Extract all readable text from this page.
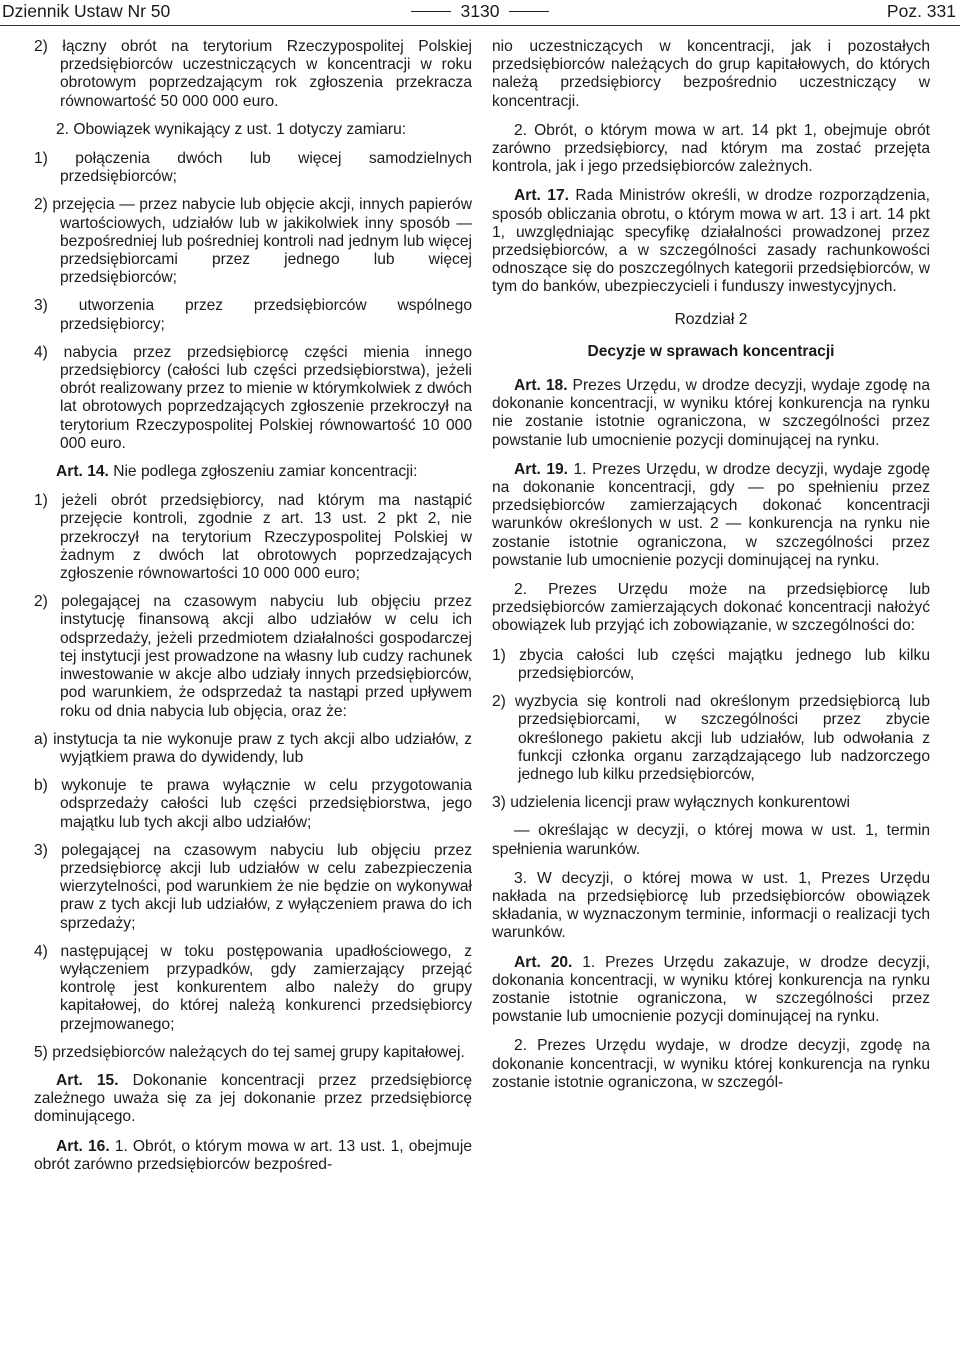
Dziennik Ustaw Nr 50	3130	Poz. 331

2) łączny obrót na terytorium Rzeczypospolitej Polskiej przedsiębiorców uczestniczących w koncentracji w roku obrotowym poprzedzającym rok zgłoszenia przekracza równowartość 50 000 000 euro.

2. Obowiązek wynikający z ust. 1 dotyczy zamiaru:

1) połączenia dwóch lub więcej samodzielnych przedsiębiorców;

2) przejęcia — przez nabycie lub objęcie akcji, innych papierów wartościowych, udziałów lub w jakikolwiek inny sposób — bezpośredniej lub pośredniej kontroli nad jednym lub więcej przedsiębiorcami przez jednego lub więcej przedsiębiorców;

3) utworzenia przez przedsiębiorców wspólnego przedsiębiorcy;

4) nabycia przez przedsiębiorcę części mienia innego przedsiębiorcy (całości lub części przedsiębiorstwa), jeżeli obrót realizowany przez to mienie w którymkolwiek z dwóch lat obrotowych poprzedzających zgłoszenie przekroczył na terytorium Rzeczypospolitej Polskiej równowartość 10 000 000 euro.

Art. 14. Nie podlega zgłoszeniu zamiar koncentracji:

1) jeżeli obrót przedsiębiorcy, nad którym ma nastąpić przejęcie kontroli, zgodnie z art. 13 ust. 2 pkt 2, nie przekroczył na terytorium Rzeczypospolitej Polskiej w żadnym z dwóch lat obrotowych poprzedzających zgłoszenie równowartości 10 000 000 euro;

2) polegającej na czasowym nabyciu lub objęciu przez instytucję finansową akcji albo udziałów w celu ich odsprzedaży, jeżeli przedmiotem działalności gospodarczej tej instytucji jest prowadzone na własny lub cudzy rachunek inwestowanie w akcje albo udziały innych przedsiębiorców, pod warunkiem, że odsprzedaż ta nastąpi przed upływem roku od dnia nabycia lub objęcia, oraz że:

a) instytucja ta nie wykonuje praw z tych akcji albo udziałów, z wyjątkiem prawa do dywidendy, lub

b) wykonuje te prawa wyłącznie w celu przygotowania odsprzedaży całości lub części przedsiębiorstwa, jego majątku lub tych akcji albo udziałów;

3) polegającej na czasowym nabyciu lub objęciu przez przedsiębiorcę akcji lub udziałów w celu zabezpieczenia wierzytelności, pod warunkiem że nie będzie on wykonywał praw z tych akcji lub udziałów, z wyłączeniem prawa do ich sprzedaży;

4) następującej w toku postępowania upadłościowego, z wyłączeniem przypadków, gdy zamierzający przejąć kontrolę jest konkurentem albo należy do grupy kapitałowej, do której należą konkurenci przedsiębiorcy przejmowanego;

5) przedsiębiorców należących do tej samej grupy kapitałowej.

Art. 15. Dokonanie koncentracji przez przedsiębiorcę zależnego uważa się za jej dokonanie przez przedsiębiorcę dominującego.

Art. 16. 1. Obrót, o którym mowa w art. 13 ust. 1, obejmuje obrót zarówno przedsiębiorców bezpośred-

nio uczestniczących w koncentracji, jak i pozostałych przedsiębiorców należących do grup kapitałowych, do których należą przedsiębiorcy bezpośrednio uczestniczący w koncentracji.

2. Obrót, o którym mowa w art. 14 pkt 1, obejmuje obrót zarówno przedsiębiorcy, nad którym ma zostać przejęta kontrola, jak i jego przedsiębiorców zależnych.

Art. 17. Rada Ministrów określi, w drodze rozporządzenia, sposób obliczania obrotu, o którym mowa w art. 13 i art. 14 pkt 1, uwzględniając specyfikę działalności prowadzonej przez przedsiębiorców, a w szczególności zasady rachunkowości odnoszące się do poszczególnych kategorii przedsiębiorców, w tym do banków, ubezpieczycieli i funduszy inwestycyjnych.

Rozdział 2

Decyzje w sprawach koncentracji

Art. 18. Prezes Urzędu, w drodze decyzji, wydaje zgodę na dokonanie koncentracji, w wyniku której konkurencja na rynku nie zostanie istotnie ograniczona, w szczególności przez powstanie lub umocnienie pozycji dominującej na rynku.

Art. 19. 1. Prezes Urzędu, w drodze decyzji, wydaje zgodę na dokonanie koncentracji, gdy — po spełnieniu przez przedsiębiorców zamierzających dokonać koncentracji warunków określonych w ust. 2 — konkurencja na rynku nie zostanie istotnie ograniczona, w szczególności przez powstanie lub umocnienie pozycji dominującej na rynku.

2. Prezes Urzędu może na przedsiębiorcę lub przedsiębiorców zamierzających dokonać koncentracji nałożyć obowiązek lub przyjąć ich zobowiązanie, w szczególności do:

1) zbycia całości lub części majątku jednego lub kilku przedsiębiorców,

2) wyzbycia się kontroli nad określonym przedsiębiorcą lub przedsiębiorcami, w szczególności przez zbycie określonego pakietu akcji lub udziałów, lub odwołania z funkcji członka organu zarządzającego lub nadzorczego jednego lub kilku przedsiębiorców,

3) udzielenia licencji praw wyłącznych konkurentowi

— określając w decyzji, o której mowa w ust. 1, termin spełnienia warunków.

3. W decyzji, o której mowa w ust. 1, Prezes Urzędu nakłada na przedsiębiorcę lub przedsiębiorców obowiązek składania, w wyznaczonym terminie, informacji o realizacji tych warunków.

Art. 20. 1. Prezes Urzędu zakazuje, w drodze decyzji, dokonania koncentracji, w wyniku której konkurencja na rynku zostanie istotnie ograniczona, w szczególności przez powstanie lub umocnienie pozycji dominującej na rynku.

2. Prezes Urzędu wydaje, w drodze decyzji, zgodę na dokonanie koncentracji, w wyniku której konkurencja na rynku zostanie istotnie ograniczona, w szczegól-
